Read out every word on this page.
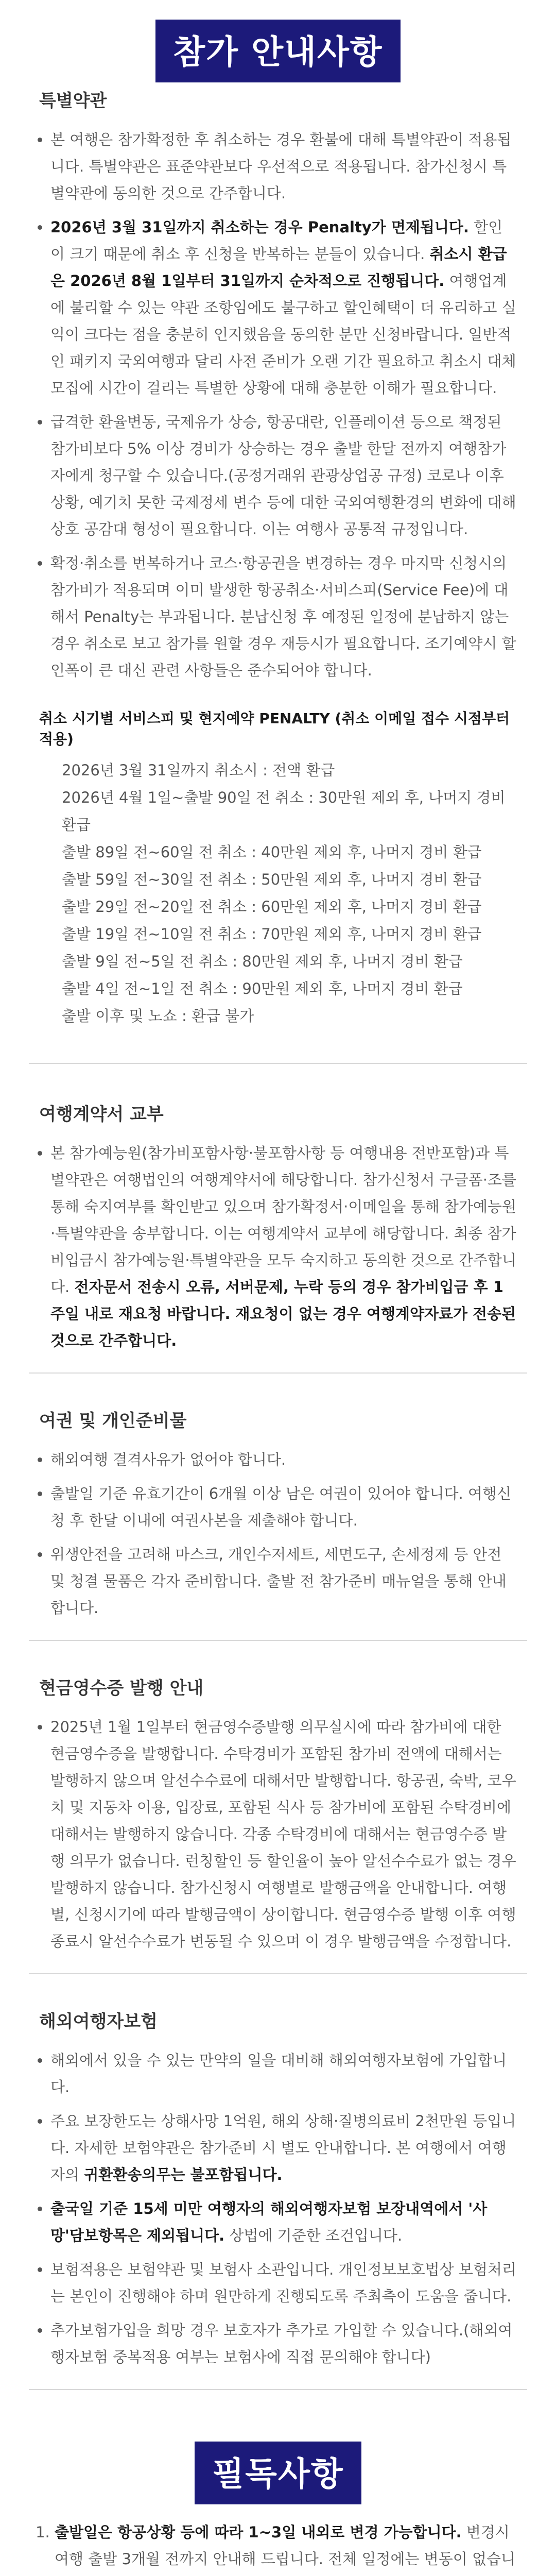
참가 안내사항
특별약관
• 본 여행은 참가확정한 후 취소하는 경우 환불에 대해 특별약관이 적용됩니다. 특별약관은 표준약관보다 우선적으로 적용됩니다. 참가신청시 특별약관에 동의한 것으로 간주합니다.
• 2026년 3월 31일까지 취소하는 경우 Penalty가 면제됩니다. 할인이 크기 때문에 취소 후 신청을 반복하는 분들이 있습니다. 취소시 환급은 2026년 8월 1일부터 31일까지 순차적으로 진행됩니다. 여행업계에 불리할 수 있는 약관 조항임에도 불구하고 할인혜택이 더 유리하고 실익이 크다는 점을 충분히 인지했음을 동의한 분만 신청바랍니다. 일반적인 패키지 국외여행과 달리 사전 준비가 오랜 기간 필요하고 취소시 대체모집에 시간이 걸리는 특별한 상황에 대해 충분한 이해가 필요합니다.
• 급격한 환율변동, 국제유가 상승, 항공대란, 인플레이션 등으로 책정된 참가비보다 5% 이상 경비가 상승하는 경우 출발 한달 전까지 여행참가자에게 청구할 수 있습니다.(공정거래위 관광상업공 규정) 코로나 이후 상황, 예기치 못한 국제정세 변수 등에 대한 국외여행환경의 변화에 대해 상호 공감대 형성이 필요합니다. 이는 여행사 공통적 규정입니다.
• 확정·취소를 번복하거나 코스·항공권을 변경하는 경우 마지막 신청시의 참가비가 적용되며 이미 발생한 항공취소·서비스피(Service Fee)에 대해서 Penalty는 부과됩니다. 분납신청 후 예정된 일정에 분납하지 않는 경우 취소로 보고 참가를 원할 경우 재등시가 필요합니다. 조기예약시 할인폭이 큰 대신 관련 사항들은 준수되어야 합니다.
취소 시기별 서비스피 및 현지예약 PENALTY (취소 이메일 접수 시점부터 적용)
2026년 3월 31일까지 취소시 : 전액 환급
2026년 4월 1일~출발 90일 전 취소 : 30만원 제외 후, 나머지 경비 환급
출발 89일 전~60일 전 취소 : 40만원 제외 후, 나머지 경비 환급
출발 59일 전~30일 전 취소 : 50만원 제외 후, 나머지 경비 환급
출발 29일 전~20일 전 취소 : 60만원 제외 후, 나머지 경비 환급
출발 19일 전~10일 전 취소 : 70만원 제외 후, 나머지 경비 환급
출발 9일 전~5일 전 취소 : 80만원 제외 후, 나머지 경비 환급
출발 4일 전~1일 전 취소 : 90만원 제외 후, 나머지 경비 환급
출발 이후 및 노쇼 : 환급 불가
여행계약서 교부
• 본 참가예능원(참가비포함사항·불포함사항 등 여행내용 전반포함)과 특별약관은 여행법인의 여행계약서에 해당합니다. 참가신청서 구글폼·조를 통해 숙지여부를 확인받고 있으며 참가확정서·이메일을 통해 참가예능원·특별약관을 송부합니다. 이는 여행계약서 교부에 해당합니다. 최종 참가비입금시 참가예능원·특별약관을 모두 숙지하고 동의한 것으로 간주합니다. 전자문서 전송시 오류, 서버문제, 누락 등의 경우 참가비입금 후 1주일 내로 재요청 바랍니다. 재요청이 없는 경우 여행계약자료가 전송된 것으로 간주합니다.
여권 및 개인준비물
• 해외여행 결격사유가 없어야 합니다.
• 출발일 기준 유효기간이 6개월 이상 남은 여권이 있어야 합니다. 여행신청 후 한달 이내에 여권사본을 제출해야 합니다.
• 위생안전을 고려해 마스크, 개인수저세트, 세면도구, 손세정제 등 안전 및 청결 물품은 각자 준비합니다. 출발 전 참가준비 매뉴얼을 통해 안내합니다.
현금영수증 발행 안내
• 2025년 1월 1일부터 현금영수증발행 의무실시에 따라 참가비에 대한 현금영수증을 발행합니다. 수탁경비가 포함된 참가비 전액에 대해서는 발행하지 않으며 알선수수료에 대해서만 발행합니다. 항공권, 숙박, 코우치 및 지동차 이용, 입장료, 포함된 식사 등 참가비에 포함된 수탁경비에 대해서는 발행하지 않습니다. 각종 수탁경비에 대해서는 현금영수증 발행 의무가 없습니다. 런칭할인 등 할인율이 높아 알선수수료가 없는 경우 발행하지 않습니다. 참가신청시 여행별로 발행금액을 안내합니다. 여행별, 신청시기에 따라 발행금액이 상이합니다. 현금영수증 발행 이후 여행 종료시 알선수수료가 변동될 수 있으며 이 경우 발행금액을 수정합니다.
해외여행자보험
• 해외에서 있을 수 있는 만약의 일을 대비해 해외여행자보험에 가입합니다.
• 주요 보장한도는 상해사망 1억원, 해외 상해·질병의료비 2천만원 등입니다. 자세한 보험약관은 참가준비 시 별도 안내합니다. 본 여행에서 여행자의 귀환환송의무는 불포함됩니다.
• 출국일 기준 15세 미만 여행자의 해외여행자보험 보장내역에서 '사망'담보항목은 제외됩니다. 상법에 기준한 조건입니다.
• 보험적용은 보험약관 및 보험사 소관입니다. 개인정보보호법상 보험처리는 본인이 진행해야 하며 원만하게 진행되도록 주최측이 도움을 줍니다.
• 추가보험가입을 희망 경우 보호자가 추가로 가입할 수 있습니다.(해외여행자보험 중복적용 여부는 보험사에 직접 문의해야 합니다)
필독사항
1. 출발일은 항공상황 등에 따라 1~3일 내외로 변경 가능합니다. 변경시 여행 출발 3개월 전까지 안내해 드립니다. 전체 일정에는 변동이 없습니
